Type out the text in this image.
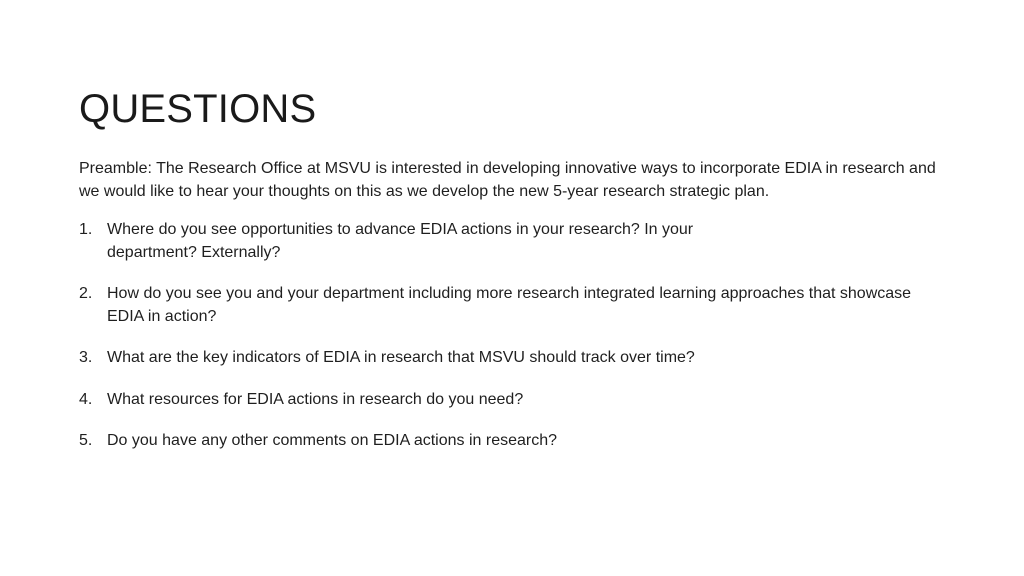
QUESTIONS

Preamble: The Research Office at MSVU is interested in developing innovative ways to incorporate EDIA in research and we would like to hear your thoughts on this as we develop the new 5-year research strategic plan.

1. Where do you see opportunities to advance EDIA actions in your research? In your department? Externally?
2. How do you see you and your department including more research integrated learning approaches that showcase EDIA in action?
3. What are the key indicators of EDIA in research that MSVU should track over time?
4. What resources for EDIA actions in research do you need?
5. Do you have any other comments on EDIA actions in research?
